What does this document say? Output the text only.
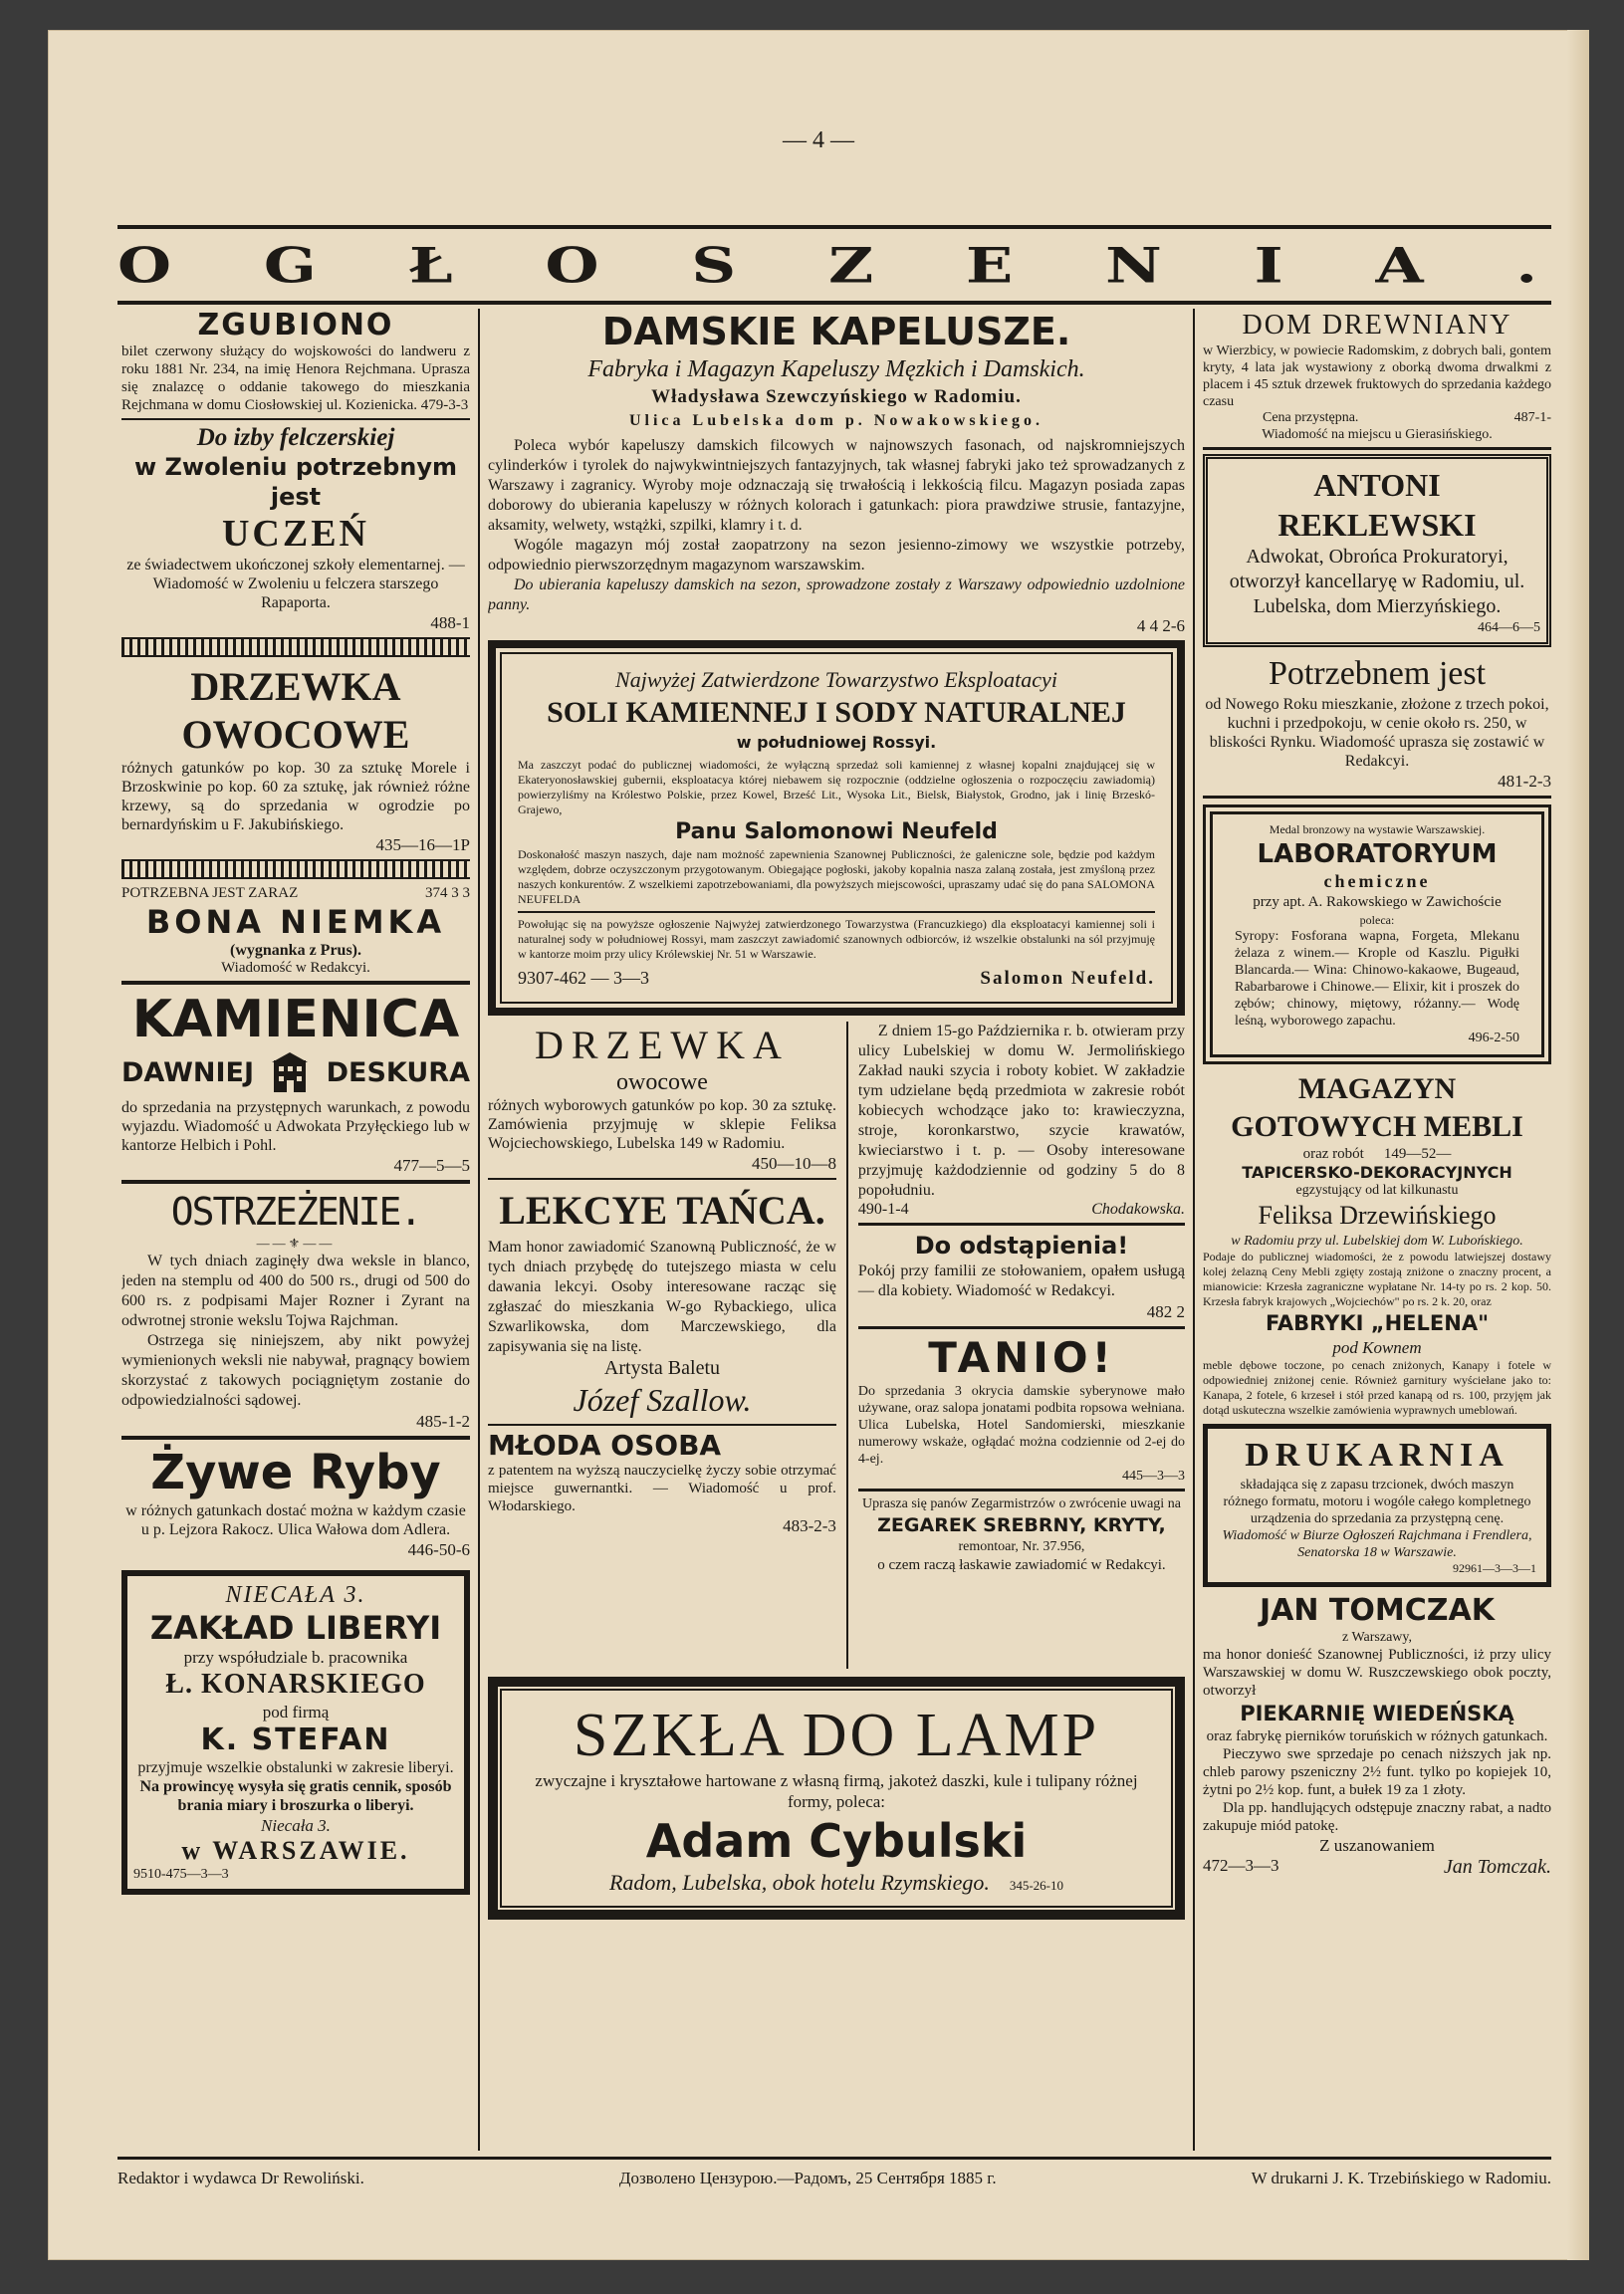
— 4 —
O G Ł O S Z E N I A .
ZGUBIONO

bilet czerwony służący do wojskowości do landweru z roku 1881 Nr. 234, na imię Henora Rejchmana. Uprasza się znalazcę o oddanie takowego do mieszkania Rejchmana w domu Ciosłowskiej ul. Kozienicka. 479-3-3

Do izby felczerskiej
w Zwoleniu potrzebnym jest
UCZEŃ

ze świadectwem ukończonej szkoły elementarnej. — Wiadomość w Zwoleniu u felczera starszego Rapaporta.

488-1
DRZEWKA OWOCOWE

różnych gatunków po kop. 30 za sztukę Morele i Brzoskwinie po kop. 60 za sztukę, jak również różne krzewy, są do sprzedania w ogrodzie po bernardyńskim u F. Jakubińskiego.

435—16—1P
POTRZEBNA JEST ZARAZ	374 3 3
BONA NIEMKA
(wygnanka z Prus).
Wiadomość w Redakcyi.
KAMIENICA
DAWNIEJ	DESKURA

do sprzedania na przystępnych warunkach, z powodu wyjazdu. Wiadomość u Adwokata Przyłęckiego lub w kantorze Helbich i Pohl.

477—5—5
OSTRZEŻENIE.
——⚜——

W tych dniach zaginęły dwa weksle in blanco, jeden na stemplu od 400 do 500 rs., drugi od 500 do 600 rs. z podpisami Majer Rozner i Zyrant na odwrotnej stronie wekslu Tojwa Rajchman.

Ostrzega się niniejszem, aby nikt powyżej wymienionych weksli nie nabywał, pragnący bowiem skorzystać z takowych pociągniętym zostanie do odpowiedzialności sądowej.

485-1-2
Żywe Ryby

w różnych gatunkach dostać można w każdym czasie u p. Lejzora Rakocz. Ulica Wałowa dom Adlera.

446-50-6
NIECAŁA 3.
ZAKŁAD LIBERYI
przy współudziale b. pracownika
Ł. KONARSKIEGO
pod firmą
K. STEFAN

przyjmuje wszelkie obstalunki w zakresie liberyi.

Na prowincyę wysyła się gratis cennik, sposób brania miary i broszurka o liberyi.

Niecała 3.
w WARSZAWIE.
9510-475—3—3
DAMSKIE KAPELUSZE.
Fabryka i Magazyn Kapeluszy Męzkich i Damskich.
Władysława Szewczyńskiego w Radomiu.
Ulica Lubelska dom p. Nowakowskiego.

Poleca wybór kapeluszy damskich filcowych w najnowszych fasonach, od najskromniejszych cylinderków i tyrolek do najwykwintniejszych fantazyjnych, tak własnej fabryki jako też sprowadzanych z Warszawy i zagranicy. Wyroby moje odznaczają się trwałością i lekkością filcu. Magazyn posiada zapas doborowy do ubierania kapeluszy w różnych kolorach i gatunkach: piora prawdziwe strusie, fantazyjne, aksamity, welwety, wstążki, szpilki, klamry i t. d.

Wogóle magazyn mój został zaopatrzony na sezon jesienno-zimowy we wszystkie potrzeby, odpowiednio pierwszorzędnym magazynom warszawskim.

Do ubierania kapeluszy damskich na sezon, sprowadzone zostały z Warszawy odpowiednio uzdolnione panny.

4 4 2-6
Najwyżej Zatwierdzone Towarzystwo Eksploatacyi
SOLI KAMIENNEJ I SODY NATURALNEJ
w południowej Rossyi.

Ma zaszczyt podać do publicznej wiadomości, że wyłączną sprzedaż soli kamiennej z własnej kopalni znajdującej się w Ekateryonosławskiej gubernii, eksploatacya której niebawem się rozpocznie (oddzielne ogłoszenia o rozpoczęciu zawiadomią) powierzyliśmy na Królestwo Polskie, przez Kowel, Brześć Lit., Wysoka Lit., Bielsk, Białystok, Grodno, jak i linię Brzeskó-Grajewo,

Panu Salomonowi Neufeld

Doskonałość maszyn naszych, daje nam możność zapewnienia Szanownej Publiczności, że galeniczne sole, będzie pod każdym względem, dobrze oczyszczonym przygotowanym. Obiegające pogłoski, jakoby kopalnia nasza zalaną została, jest zmyśloną przez naszych konkurentów. Z wszelkiemi zapotrzebowaniami, dla powyższych miejscowości, upraszamy udać się do pana SALOMONA NEUFELDA

Powołując się na powyższe ogłoszenie Najwyżej zatwierdzonego Towarzystwa (Francuzkiego) dla eksploatacyi kamiennej soli i naturalnej sody w południowej Rossyi, mam zaszczyt zawiadomić szanownych odbiorców, iż wszelkie obstalunki na sól przyjmuję w kantorze moim przy ulicy Królewskiej Nr. 51 w Warszawie.

9307-462 — 3—3	Salomon Neufeld.
DRZEWKA
owocowe

różnych wyborowych gatunków po kop. 30 za sztukę. Zamówienia przyjmuję w sklepie Feliksa Wojciechowskiego, Lubelska 149 w Radomiu.

450—10—8
LEKCYE TAŃCA.

Mam honor zawiadomić Szanowną Publiczność, że w tych dniach przybędę do tutejszego miasta w celu dawania lekcyi. Osoby interesowane racząc się zgłaszać do mieszkania W-go Rybackiego, ulica Szwarlikowska, dom Marczewskiego, dla zapisywania się na listę.

Artysta Baletu
Józef Szallow.
MŁODA OSOBA

z patentem na wyższą nauczycielkę życzy sobie otrzymać miejsce guwernantki. — Wiadomość u prof. Włodarskiego.

483-2-3

Z dniem 15-go Października r. b. otwieram przy ulicy Lubelskiej w domu W. Jermolińskiego Zakład nauki szycia i roboty kobiet. W zakładzie tym udzielane będą przedmiota w zakresie robót kobiecych wchodzące jako to: krawieczyzna, stroje, koronkarstwo, szycie krawatów, kwieciarstwo i t. p. — Osoby interesowane przyjmuję każdodziennie od godziny 5 do 8 popołudniu.

490-1-4	Chodakowska.
Do odstąpienia!

Pokój przy familii ze stołowaniem, opałem usługą — dla kobiety. Wiadomość w Redakcyi.

482 2
TANIO!

Do sprzedania 3 okrycia damskie syberynowe mało używane, oraz salopa jonatami podbita ropsowa wełniana. Ulica Lubelska, Hotel Sandomierski, mieszkanie numerowy wskaże, ogłądać można codziennie od 2-ej do 4-ej.

445—3—3

Uprasza się panów Zegarmistrzów o zwrócenie uwagi na

ZEGAREK SREBRNY, KRYTY,
remontoar, Nr. 37.956,

o czem raczą łaskawie zawiadomić w Redakcyi.

SZKŁA DO LAMP

zwyczajne i kryształowe hartowane z własną firmą, jakoteż daszki, kule i tulipany różnej formy, poleca:

Adam Cybulski
Radom, Lubelska, obok hotelu Rzymskiego. 345-26-10
DOM DREWNIANY

w Wierzbicy, w powiecie Radomskim, z dobrych bali, gontem kryty, 4 lata jak wystawiony z oborką dwoma drwalkmi z placem i 45 sztuk drzewek fruktowych do sprzedania każdego czasu

Cena przystępna.	487-1-
Wiadomość na miejscu u Gierasińskiego.
ANTONI REKLEWSKI

Adwokat, Obrońca Prokuratoryi, otworzył kancellaryę w Radomiu, ul. Lubelska, dom Mierzyńskiego.

464—6—5
Potrzebnem jest

od Nowego Roku mieszkanie, złożone z trzech pokoi, kuchni i przedpokoju, w cenie około rs. 250, w bliskości Rynku. Wiadomość uprasza się zostawić w Redakcyi.

481-2-3
Medal bronzowy na wystawie Warszawskiej.
LABORATORYUM
chemiczne
przy apt. A. Rakowskiego w Zawichoście
poleca:

Syropy: Fosforana wapna, Forgeta, Mlekanu żelaza z winem.— Krople od Kaszlu. Pigułki Blancarda.— Wina: Chinowo-kakaowe, Bugeaud, Rabarbarowe i Chinowe.— Elixir, kit i proszek do zębów; chinowy, miętowy, różanny.— Wodę leśną, wyborowego zapachu.

496-2-50
MAGAZYN GOTOWYCH MEBLI
oraz robót 149—52—
TAPICERSKO-DEKORACYJNYCH
egzystujący od lat kilkunastu
Feliksa Drzewińskiego
w Radomiu przy ul. Lubelskiej dom W. Lubońskiego.

Podaje do publicznej wiadomości, że z powodu latwiejszej dostawy kolej żelazną Ceny Mebli zgięty zostają zniżone o znaczny procent, a mianowicie: Krzesła zagraniczne wypłatane Nr. 14-ty po rs. 2 kop. 50. Krzesła fabryk krajowych „Wojciechów" po rs. 2 k. 20, oraz

FABRYKI „HELENA"
pod Kownem

meble dębowe toczone, po cenach zniżonych, Kanapy i fotele w odpowiedniej zniżonej cenie. Również garnitury wyściełane jako to: Kanapa, 2 fotele, 6 krzeseł i stół przed kanapą od rs. 100, przyjęm jak dotąd uskuteczna wszelkie zamówienia wyprawnych umeblowań.

DRUKARNIA

składająca się z zapasu trzcionek, dwóch maszyn różnego formatu, motoru i wogóle całego kompletnego urządzenia do sprzedania za przystępną cenę.

Wiadomość w Biurze Ogłoszeń Rajchmana i Frendlera, Senatorska 18 w Warszawie.

92961—3—3—1
JAN TOMCZAK
z Warszawy,

ma honor donieść Szanownej Publiczności, iż przy ulicy Warszawskiej w domu W. Ruszczewskiego obok poczty, otworzył

PIEKARNIĘ WIEDEŃSKĄ

oraz fabrykę pierników toruńskich w różnych gatunkach.

Pieczywo swe sprzedaje po cenach niższych jak np. chleb parowy pszeniczny 2½ funt. tylko po kopiejek 10, żytni po 2½ kop. funt, a bułek 19 za 1 złoty.

Dla pp. handlujących odstępuje znaczny rabat, a nadto zakupuje miód patokę.

Z uszanowaniem
472—3—3	Jan Tomczak.
Redaktor i wydawca Dr Rewoliński.	Дозволено Цензурою.—Радомъ, 25 Сентября 1885 г.	W drukarni J. K. Trzebińskiego w Radomiu.
